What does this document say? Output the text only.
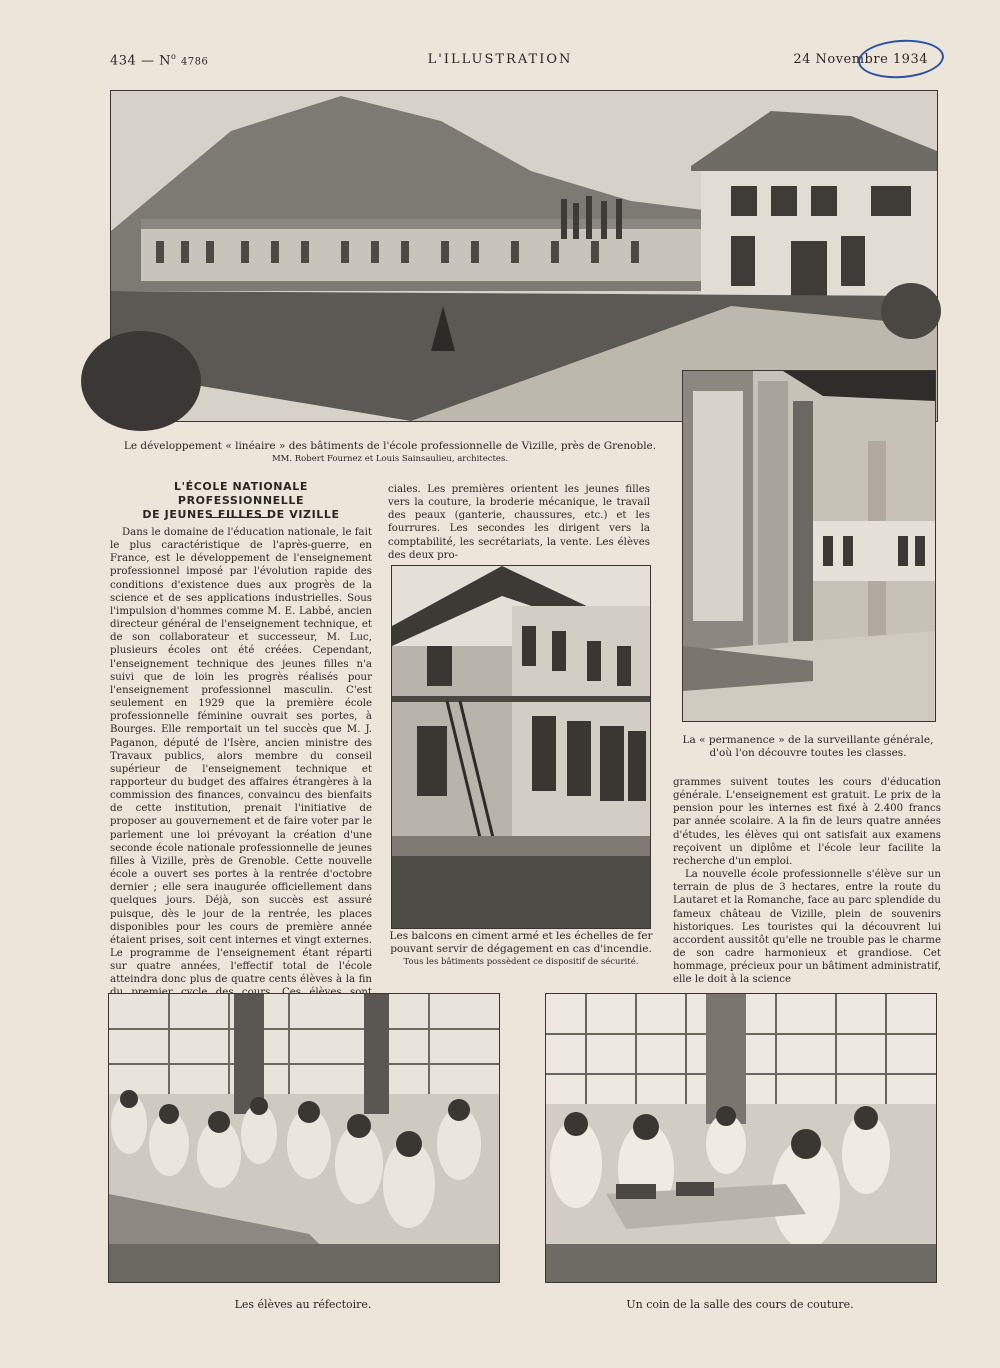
434 — $N^o$ 4786	L'ILLUSTRATION	24 Novembre 1934
Le développement « linéaire » des bâtiments de l'école professionnelle de Vizille, près de Grenoble.
MM. Robert Fournez et Louis Sainsaulieu, architectes.
La « permanence » de la surveillante générale,
d'où l'on découvre toutes les classes.
Les balcons en ciment armé et les échelles de fer
pouvant servir de dégagement en cas d'incendie.
Tous les bâtiments possèdent ce dispositif de sécurité.
L'ÉCOLE NATIONALE PROFESSIONNELLE
DE JEUNES FILLES DE VIZILLE

Dans le domaine de l'éducation nationale, le fait le plus caractéristique de l'après-guerre, en France, est le développement de l'enseignement professionnel imposé par l'évolution rapide des conditions d'existence dues aux progrès de la science et de ses applications industrielles. Sous l'impulsion d'hommes comme M. E. Labbé, ancien directeur général de l'enseignement technique, et de son collaborateur et successeur, M. Luc, plusieurs écoles ont été créées. Cependant, l'enseignement technique des jeunes filles n'a suivi que de loin les progrès réalisés pour l'enseignement professionnel masculin. C'est seulement en 1929 que la première école professionnelle féminine ouvrait ses portes, à Bourges. Elle remportait un tel succès que M. J. Paganon, député de l'Isère, ancien ministre des Travaux publics, alors membre du conseil supérieur de l'enseignement technique et rapporteur du budget des affaires étrangères à la commission des finances, convaincu des bienfaits de cette institution, prenait l'initiative de proposer au gouvernement et de faire voter par le parlement une loi prévoyant la création d'une seconde école nationale professionnelle de jeunes filles à Vizille, près de Grenoble. Cette nouvelle école a ouvert ses portes à la rentrée d'octobre dernier ; elle sera inaugurée officiellement dans quelques jours. Déjà, son succès est assuré puisque, dès le jour de la rentrée, les places disponibles pour les cours de première année étaient prises, soit cent internes et vingt externes. Le programme de l'enseignement étant réparti sur quatre années, l'effectif total de l'école atteindra donc plus de quatre cents élèves à la fin

ciales. Les premières orientent les jeunes filles vers la couture, la broderie mécanique, le travail des peaux (ganterie, chaussures, etc.) et les fourrures. Les secondes les dirigent vers la comptabilité, les secrétariats, la vente. Les élèves des deux pro-

grammes suivent toutes les cours d'éducation générale. L'enseignement est gratuit. Le prix de la pension pour les internes est fixé à 2.400 francs par année scolaire. A la fin de leurs quatre années d'études, les élèves qui ont satisfait aux examens reçoivent un diplôme et l'école leur facilite la recherche d'un emploi.

La nouvelle école professionnelle s'élève sur un terrain de plus de 3 hectares, entre la route du Lautaret et la Romanche, face au parc splendide du fameux château de Vizille, plein de souvenirs historiques. Les touristes qui la découvrent lui accordent aussitôt qu'elle ne trouble pas le charme de son cadre harmonieux et grandiose. Cet hommage, précieux pour un bâtiment administratif, elle le doit à la science

Les élèves au réfectoire.	Un coin de la salle des cours de couture.
